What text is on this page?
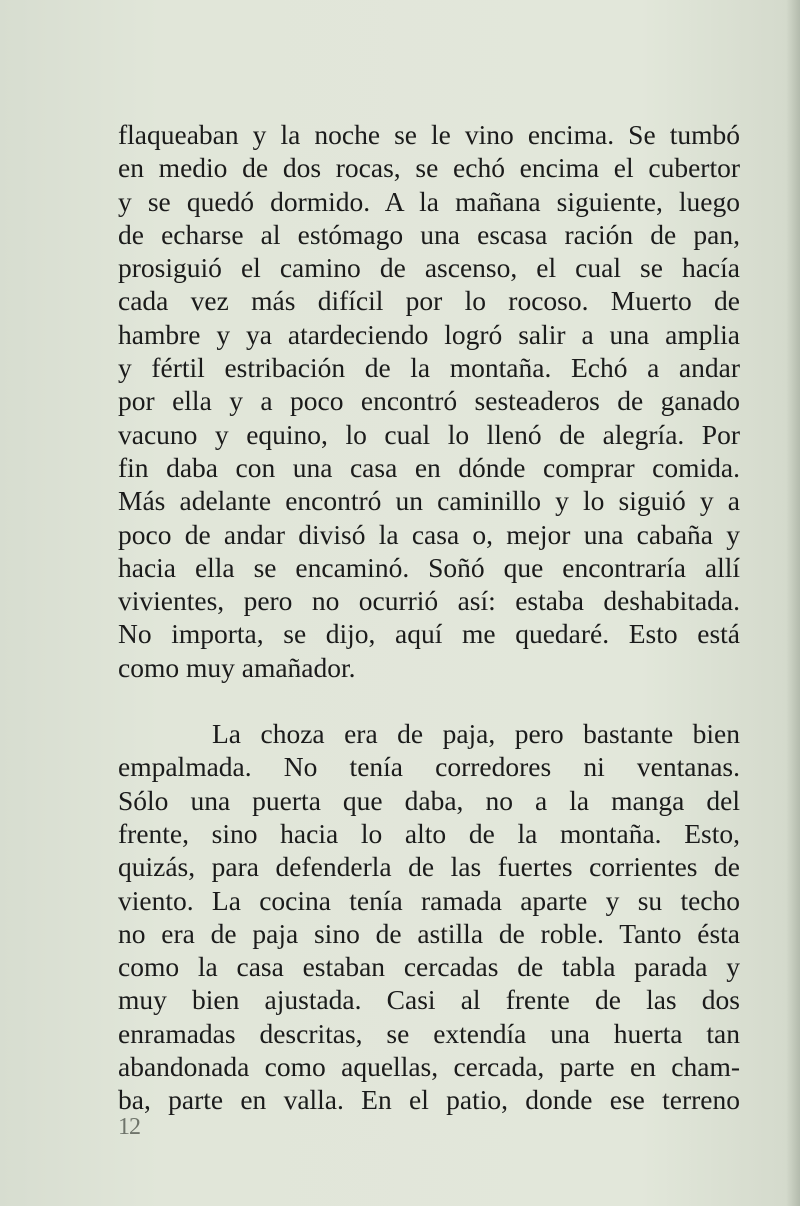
flaqueaban y la noche se le vino encima. Se tumbó
en medio de dos rocas, se echó encima el cubertor
y se quedó dormido. A la mañana siguiente, luego
de echarse al estómago una escasa ración de pan,
prosiguió el camino de ascenso, el cual se hacía
cada vez más difícil por lo rocoso. Muerto de
hambre y ya atardeciendo logró salir a una amplia
y fértil estribación de la montaña. Echó a andar
por ella y a poco encontró sesteaderos de ganado
vacuno y equino, lo cual lo llenó de alegría. Por
fin daba con una casa en dónde comprar comida.
Más adelante encontró un caminillo y lo siguió y a
poco de andar divisó la casa o, mejor una cabaña y
hacia ella se encaminó. Soñó que encontraría allí
vivientes, pero no ocurrió así: estaba deshabitada.
No importa, se dijo, aquí me quedaré. Esto está
como muy amañador.

La choza era de paja, pero bastante bien
empalmada. No tenía corredores ni ventanas.
Sólo una puerta que daba, no a la manga del
frente, sino hacia lo alto de la montaña. Esto,
quizás, para defenderla de las fuertes corrientes de
viento. La cocina tenía ramada aparte y su techo
no era de paja sino de astilla de roble. Tanto ésta
como la casa estaban cercadas de tabla parada y
muy bien ajustada. Casi al frente de las dos
enramadas descritas, se extendía una huerta tan
abandonada como aquellas, cercada, parte en cham-
ba, parte en valla. En el patio, donde ese terreno

12
